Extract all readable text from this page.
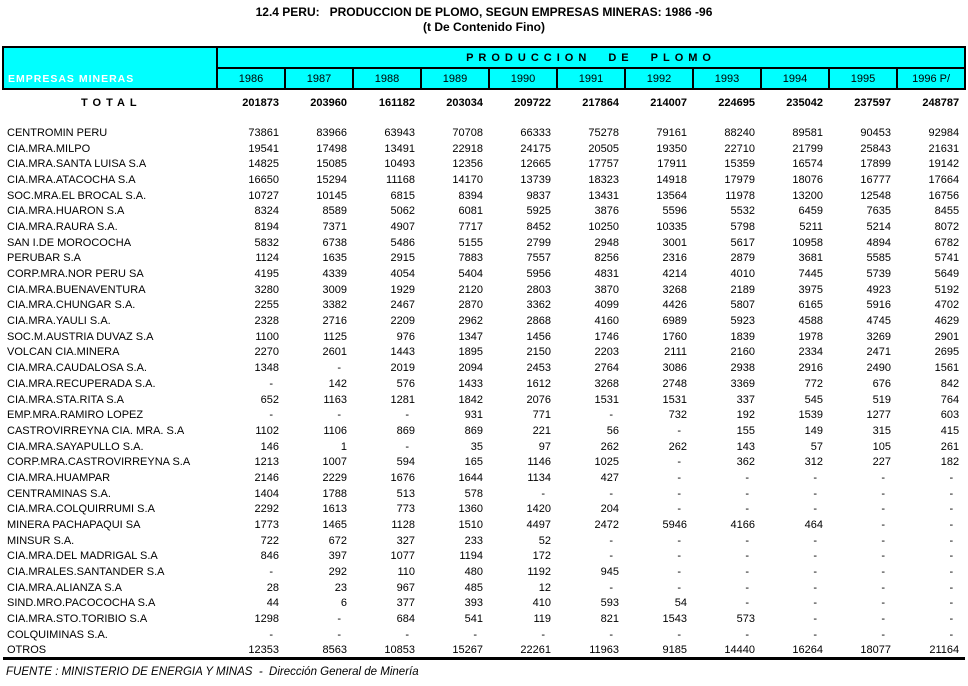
12.4 PERU:   PRODUCCION DE PLOMO, SEGUN EMPRESAS MINERAS: 1986 -96
(t De Contenido Fino)
EMPRESAS MINERAS	PRODUCCION DE PLOMO										
	1986	1987	1988	1989	1990	1991	1992	1993	1994	1995	1996 P/
TOTAL	201873	203960	161182	203034	209722	217864	214007	224695	235042	237597	248787

CENTROMIN PERU	73861	83966	63943	70708	66333	75278	79161	88240	89581	90453	92984
CIA.MRA.MILPO	19541	17498	13491	22918	24175	20505	19350	22710	21799	25843	21631
CIA.MRA.SANTA LUISA S.A	14825	15085	10493	12356	12665	17757	17911	15359	16574	17899	19142
CIA.MRA.ATACOCHA S.A	16650	15294	11168	14170	13739	18323	14918	17979	18076	16777	17664
SOC.MRA.EL BROCAL S.A.	10727	10145	6815	8394	9837	13431	13564	11978	13200	12548	16756
CIA.MRA.HUARON S.A	8324	8589	5062	6081	5925	3876	5596	5532	6459	7635	8455
CIA.MRA.RAURA S.A.	8194	7371	4907	7717	8452	10250	10335	5798	5211	5214	8072
SAN I.DE MOROCOCHA	5832	6738	5486	5155	2799	2948	3001	5617	10958	4894	6782
PERUBAR S.A	1124	1635	2915	7883	7557	8256	2316	2879	3681	5585	5741
CORP.MRA.NOR PERU SA	4195	4339	4054	5404	5956	4831	4214	4010	7445	5739	5649
CIA.MRA.BUENAVENTURA	3280	3009	1929	2120	2803	3870	3268	2189	3975	4923	5192
CIA.MRA.CHUNGAR S.A.	2255	3382	2467	2870	3362	4099	4426	5807	6165	5916	4702
CIA.MRA.YAULI S.A.	2328	2716	2209	2962	2868	4160	6989	5923	4588	4745	4629
SOC.M.AUSTRIA DUVAZ S.A	1100	1125	976	1347	1456	1746	1760	1839	1978	3269	2901
VOLCAN CIA.MINERA	2270	2601	1443	1895	2150	2203	2111	2160	2334	2471	2695
CIA.MRA.CAUDALOSA S.A.	1348	-	2019	2094	2453	2764	3086	2938	2916	2490	1561
CIA.MRA.RECUPERADA S.A.	-	142	576	1433	1612	3268	2748	3369	772	676	842
CIA.MRA.STA.RITA S.A	652	1163	1281	1842	2076	1531	1531	337	545	519	764
EMP.MRA.RAMIRO LOPEZ	-	-	-	931	771	-	732	192	1539	1277	603
CASTROVIRREYNA CIA. MRA. S.A	1102	1106	869	869	221	56	-	155	149	315	415
CIA.MRA.SAYAPULLO S.A.	146	1	-	35	97	262	262	143	57	105	261
CORP.MRA.CASTROVIRREYNA S.A	1213	1007	594	165	1146	1025	-	362	312	227	182
CIA.MRA.HUAMPAR	2146	2229	1676	1644	1134	427	-	-	-	-	-
CENTRAMINAS S.A.	1404	1788	513	578	-	-	-	-	-	-	-
CIA.MRA.COLQUIRRUMI S.A	2292	1613	773	1360	1420	204	-	-	-	-	-
MINERA PACHAPAQUI SA	1773	1465	1128	1510	4497	2472	5946	4166	464	-	-
MINSUR S.A.	722	672	327	233	52	-	-	-	-	-	-
CIA.MRA.DEL MADRIGAL S.A	846	397	1077	1194	172	-	-	-	-	-	-
CIA.MRALES.SANTANDER S.A	-	292	110	480	1192	945	-	-	-	-	-
CIA.MRA.ALIANZA S.A	28	23	967	485	12	-	-	-	-	-	-
SIND.MRO.PACOCOCHA S.A	44	6	377	393	410	593	54	-	-	-	-
CIA.MRA.STO.TORIBIO S.A	1298	-	684	541	119	821	1543	573	-	-	-
COLQUIMINAS S.A.	-	-	-	-	-	-	-	-	-	-	-
OTROS	12353	8563	10853	15267	22261	11963	9185	14440	16264	18077	21164
FUENTE : MINISTERIO DE ENERGIA Y MINAS  -  Dirección General de Minería
